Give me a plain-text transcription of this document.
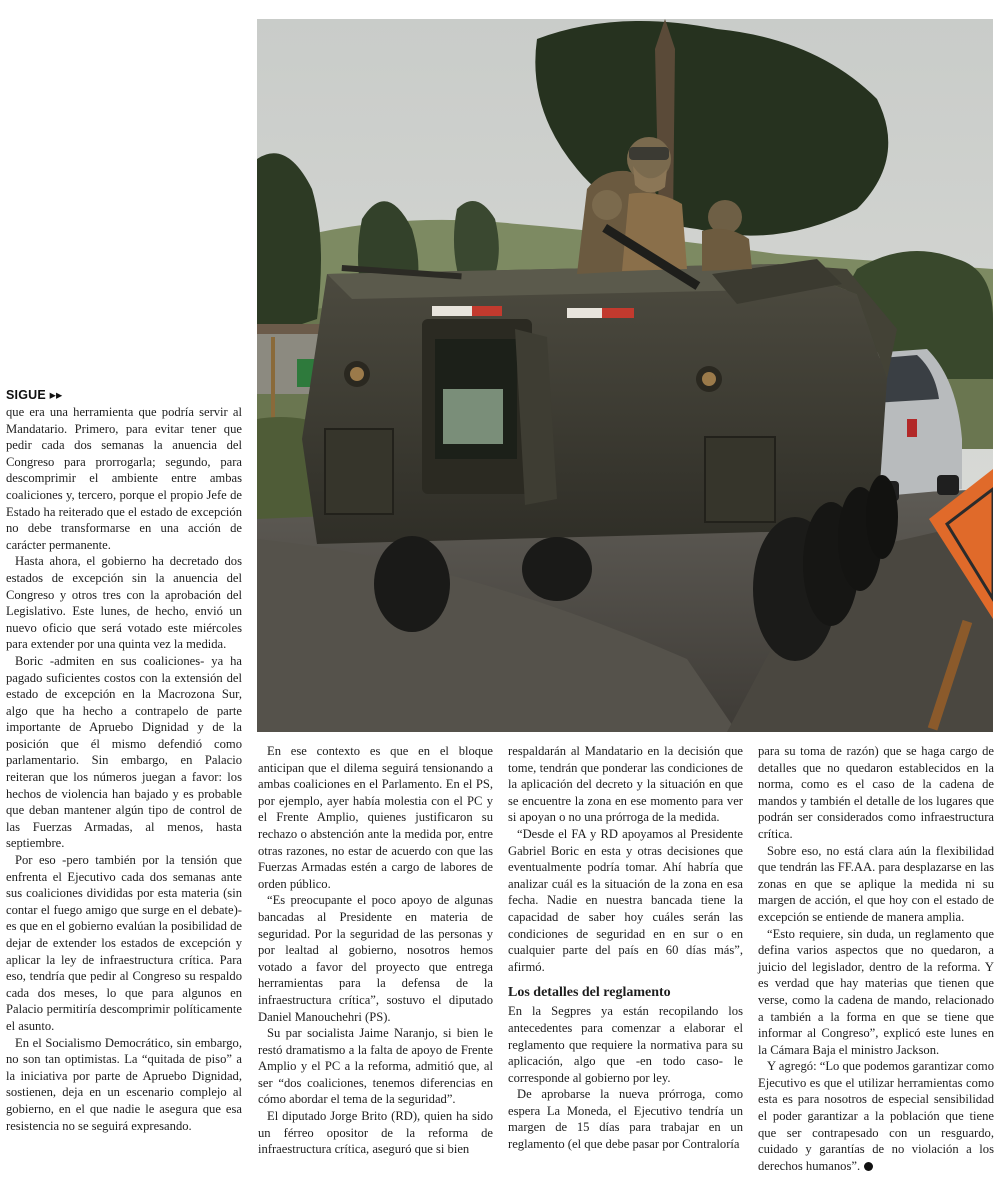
SIGUE ▸▸

que era una herramienta que podría servir al Mandatario. Primero, para evitar tener que pedir cada dos semanas la anuencia del Congreso para prorrogarla; segundo, para descomprimir el ambiente entre ambas coaliciones y, tercero, porque el propio Jefe de Estado ha reiterado que el estado de excepción no debe transformarse en una acción de carácter permanente.

Hasta ahora, el gobierno ha decretado dos estados de excepción sin la anuencia del Congreso y otros tres con la aprobación del Legislativo. Este lunes, de hecho, envió un nuevo oficio que será votado este miércoles para extender por una quinta vez la medida.

Boric -admiten en sus coaliciones- ya ha pagado suficientes costos con la extensión del estado de excepción en la Macrozona Sur, algo que ha hecho a contrapelo de parte importante de Apruebo Dignidad y de la posición que él mismo defendió como parlamentario. Sin embargo, en Palacio reiteran que los números juegan a favor: los hechos de violencia han bajado y es probable que deban mantener algún tipo de control de las Fuerzas Armadas, al menos, hasta septiembre.

Por eso -pero también por la tensión que enfrenta el Ejecutivo cada dos semanas ante sus coaliciones divididas por esta materia (sin contar el fuego amigo que surge en el debate)- es que en el gobierno evalúan la posibilidad de dejar de extender los estados de excepción y aplicar la ley de infraestructura crítica. Para eso, tendría que pedir al Congreso su respaldo cada dos meses, lo que para algunos en Palacio permitiría descomprimir políticamente el asunto.

En el Socialismo Democrático, sin embargo, no son tan optimistas. La “quitada de piso” a la iniciativa por parte de Apruebo Dignidad, sostienen, deja en un escenario complejo al gobierno, en el que nadie le asegura que esa resistencia no se seguirá expresando.

En ese contexto es que en el bloque anticipan que el dilema seguirá tensionando a ambas coaliciones en el Parlamento. En el PS, por ejemplo, ayer había molestia con el PC y el Frente Amplio, quienes justificaron su rechazo o abstención ante la medida por, entre otras razones, no estar de acuerdo con que las Fuerzas Armadas estén a cargo de labores de orden público.

“Es preocupante el poco apoyo de algunas bancadas al Presidente en materia de seguridad. Por la seguridad de las personas y por lealtad al gobierno, nosotros hemos votado a favor del proyecto que entrega herramientas para la defensa de la infraestructura crítica”, sostuvo el diputado Daniel Manouchehri (PS).

Su par socialista Jaime Naranjo, si bien le restó dramatismo a la falta de apoyo de Frente Amplio y el PC a la reforma, admitió que, al ser “dos coaliciones, tenemos diferencias en cómo abordar el tema de la seguridad”.

El diputado Jorge Brito (RD), quien ha sido un férreo opositor de la reforma de infraestructura crítica, aseguró que si bien

respaldarán al Mandatario en la decisión que tome, tendrán que ponderar las condiciones de la aplicación del decreto y la situación en que se encuentre la zona en ese momento para ver si apoyan o no una prórroga de la medida.

“Desde el FA y RD apoyamos al Presidente Gabriel Boric en esta y otras decisiones que eventualmente podría tomar. Ahí habría que analizar cuál es la situación de la zona en esa fecha. Nadie en nuestra bancada tiene la capacidad de saber hoy cuáles serán las condiciones de seguridad en en sur o en cualquier parte del país en 60 días más”, afirmó.

Los detalles del reglamento

En la Segpres ya están recopilando los antecedentes para comenzar a elaborar el reglamento que requiere la normativa para su aplicación, algo que -en todo caso- le corresponde al gobierno por ley.

De aprobarse la nueva prórroga, como espera La Moneda, el Ejecutivo tendría un margen de 15 días para trabajar en un reglamento (el que debe pasar por Contraloría

para su toma de razón) que se haga cargo de detalles que no quedaron establecidos en la norma, como es el caso de la cadena de mandos y también el detalle de los lugares que podrán ser considerados como infraestructura crítica.

Sobre eso, no está clara aún la flexibilidad que tendrán las FF.AA. para desplazarse en las zonas en que se aplique la medida ni su margen de acción, el que hoy con el estado de excepción se entiende de manera amplia.

“Esto requiere, sin duda, un reglamento que defina varios aspectos que no quedaron, a juicio del legislador, dentro de la reforma. Y es verdad que hay materias que tienen que verse, como la cadena de mando, relacionado a también a la forma en que se tiene que informar al Congreso”, explicó este lunes en la Cámara Baja el ministro Jackson.

Y agregó: “Lo que podemos garantizar como Ejecutivo es que el utilizar herramientas como esta es para nosotros de especial sensibilidad el poder garantizar a la población que tiene que ser contrapesado con un resguardo, cuidado y garantías de no violación a los derechos humanos”.
